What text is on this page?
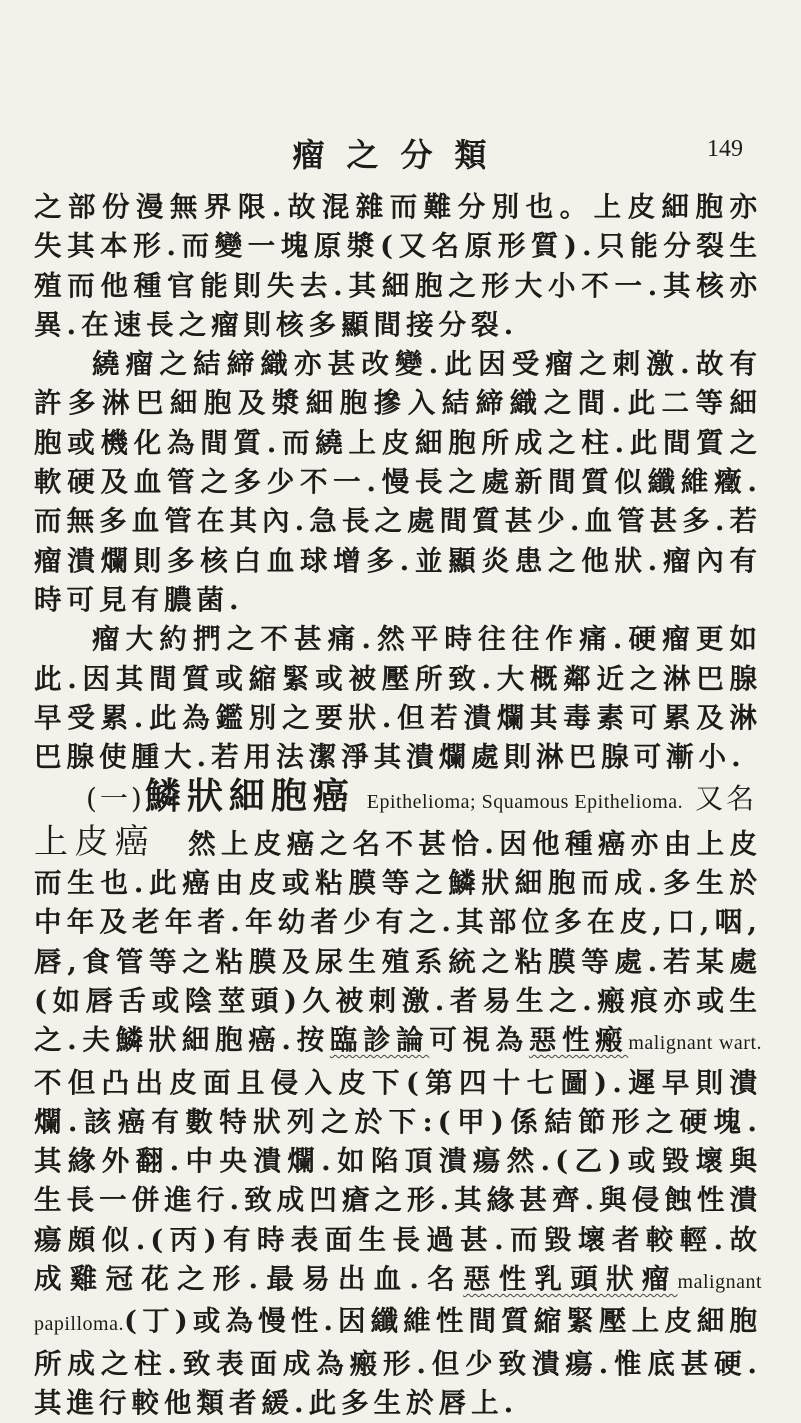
瘤之分類	149

之部份漫無界限.故混雜而難分別也。上皮細胞亦失其本形.而變一塊原漿(又名原形質).只能分裂生殖而他種官能則失去.其細胞之形大小不一.其核亦異.在速長之瘤則核多顯間接分裂.

繞瘤之結締織亦甚改變.此因受瘤之刺激.故有許多淋巴細胞及漿細胞摻入結締織之間.此二等細胞或機化為間質.而繞上皮細胞所成之柱.此間質之軟硬及血管之多少不一.慢長之處新間質似纖維癥.而無多血管在其內.急長之處間質甚少.血管甚多.若瘤潰爛則多核白血球增多.並顯炎患之他狀.瘤內有時可見有膿菌.

瘤大約捫之不甚痛.然平時往往作痛.硬瘤更如此.因其間質或縮緊或被壓所致.大概鄰近之淋巴腺早受累.此為鑑別之要狀.但若潰爛其毒素可累及淋巴腺使腫大.若用法潔淨其潰爛處則淋巴腺可漸小.

(一)鱗狀細胞癌 Epithelioma; Squamous Epithelioma. 又名

上皮癌　 然上皮癌之名不甚恰.因他種癌亦由上皮而生也.此癌由皮或粘膜等之鱗狀細胞而成.多生於中年及老年者.年幼者少有之.其部位多在皮,口,咽,唇,食管等之粘膜及尿生殖系統之粘膜等處.若某處(如唇舌或陰莖頭)久被刺激.者易生之.瘢痕亦或生之.夫鱗狀細胞癌.按臨診論可視為惡性瘢malignant wart.不但凸出皮面且侵入皮下(第四十七圖).遲早則潰爛.該癌有數特狀列之於下:(甲)係結節形之硬塊.其緣外翻.中央潰爛.如陷頂潰瘍然.(乙)或毀壞與生長一併進行.致成凹瘡之形.其緣甚齊.與侵蝕性潰瘍頗似.(丙)有時表面生長過甚.而毀壞者較輕.故成雞冠花之形.最易出血.名惡性乳頭狀瘤malignant papilloma.(丁)或為慢性.因纖維性間質縮緊壓上皮細胞所成之柱.致表面成為瘢形.但少致潰瘍.惟底甚硬.其進行較他類者緩.此多生於唇上.
